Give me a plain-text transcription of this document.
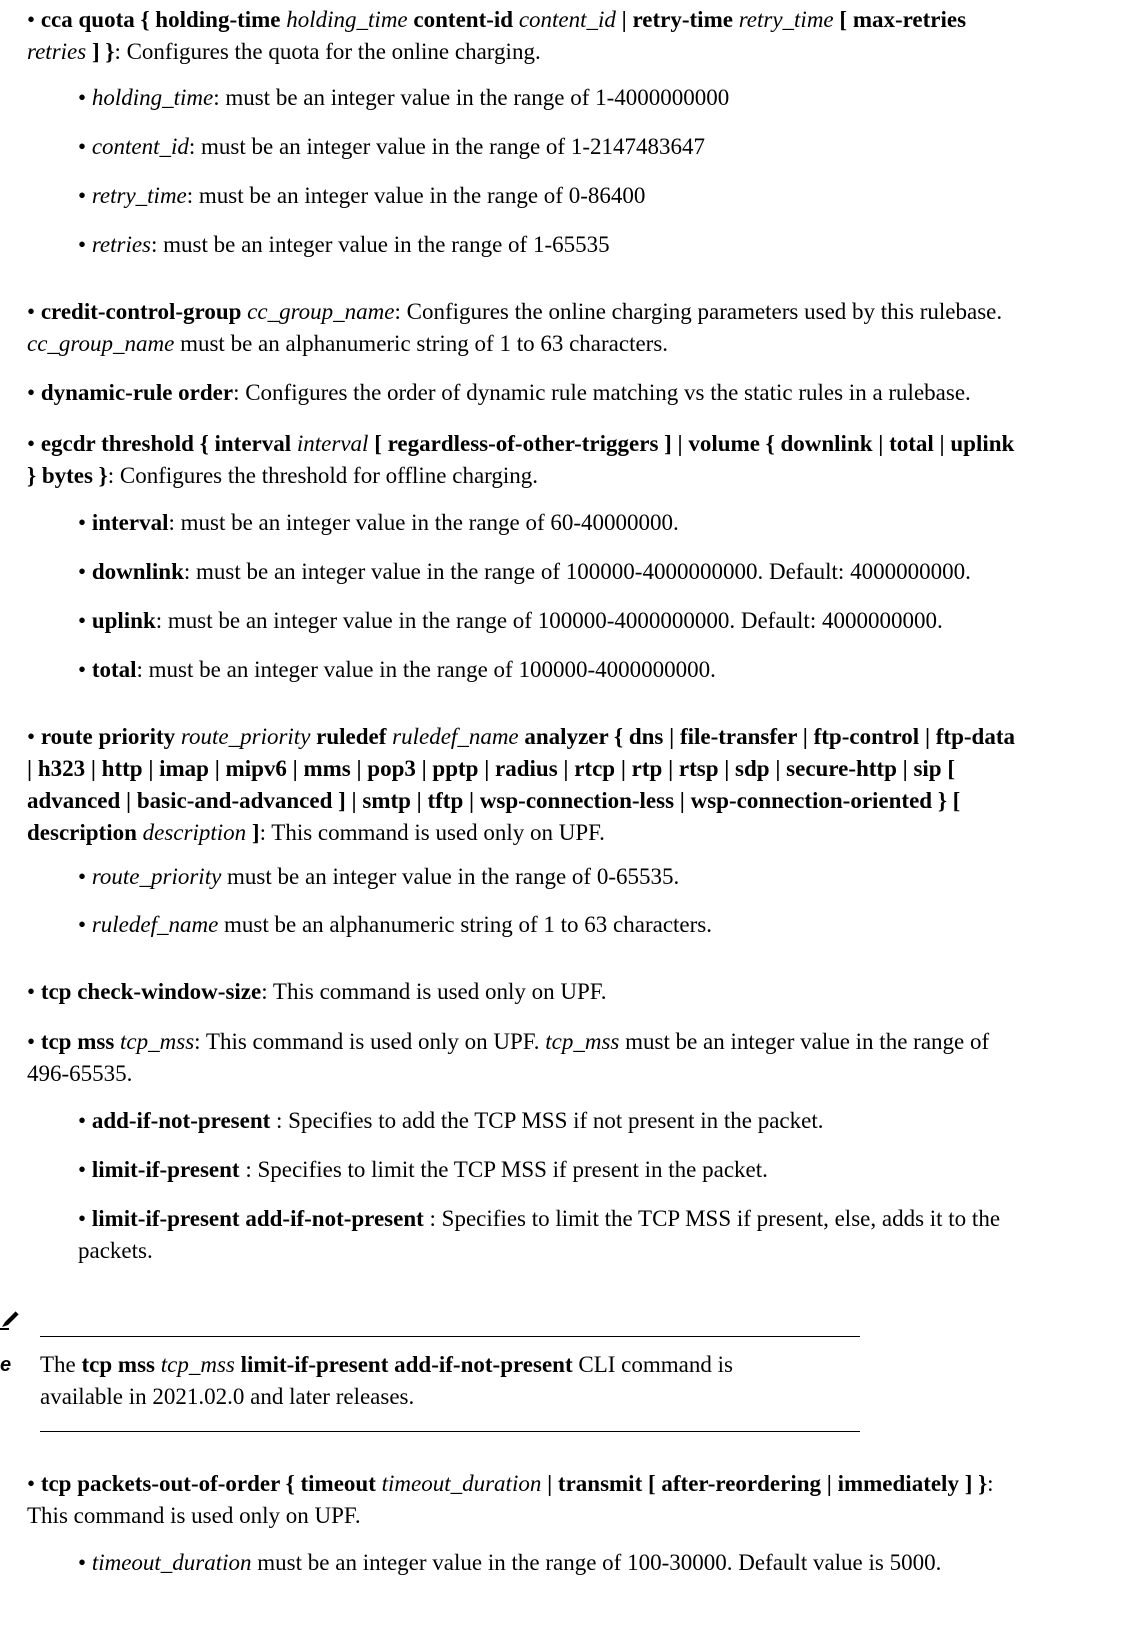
• cca quota { holding-time holding_time content-id content_id | retry-time retry_time [ max-retries
retries ] }: Configures the quota for the online charging.

• holding_time: must be an integer value in the range of 1-4000000000

• content_id: must be an integer value in the range of 1-2147483647

• retry_time: must be an integer value in the range of 0-86400

• retries: must be an integer value in the range of 1-65535

• credit-control-group cc_group_name: Configures the online charging parameters used by this rulebase.
cc_group_name must be an alphanumeric string of 1 to 63 characters.

• dynamic-rule order: Configures the order of dynamic rule matching vs the static rules in a rulebase.

• egcdr threshold { interval interval [ regardless-of-other-triggers ] | volume { downlink | total | uplink
} bytes }: Configures the threshold for offline charging.

• interval: must be an integer value in the range of 60-40000000.

• downlink: must be an integer value in the range of 100000-4000000000. Default: 4000000000.

• uplink: must be an integer value in the range of 100000-4000000000. Default: 4000000000.

• total: must be an integer value in the range of 100000-4000000000.

• route priority route_priority ruledef ruledef_name analyzer { dns | file-transfer | ftp-control | ftp-data
| h323 | http | imap | mipv6 | mms | pop3 | pptp | radius | rtcp | rtp | rtsp | sdp | secure-http | sip [
advanced | basic-and-advanced ] | smtp | tftp | wsp-connection-less | wsp-connection-oriented } [
description description ]: This command is used only on UPF.

• route_priority must be an integer value in the range of 0-65535.

• ruledef_name must be an alphanumeric string of 1 to 63 characters.

• tcp check-window-size: This command is used only on UPF.

• tcp mss tcp_mss: This command is used only on UPF. tcp_mss must be an integer value in the range of
496-65535.

• add-if-not-present : Specifies to add the TCP MSS if not present in the packet.

• limit-if-present : Specifies to limit the TCP MSS if present in the packet.

• limit-if-present add-if-not-present : Specifies to limit the TCP MSS if present, else, adds it to the
packets.

e The tcp mss tcp_mss limit-if-present add-if-not-present CLI command is
available in 2021.02.0 and later releases.

• tcp packets-out-of-order { timeout timeout_duration | transmit [ after-reordering | immediately ] }:
This command is used only on UPF.

• timeout_duration must be an integer value in the range of 100-30000. Default value is 5000.
